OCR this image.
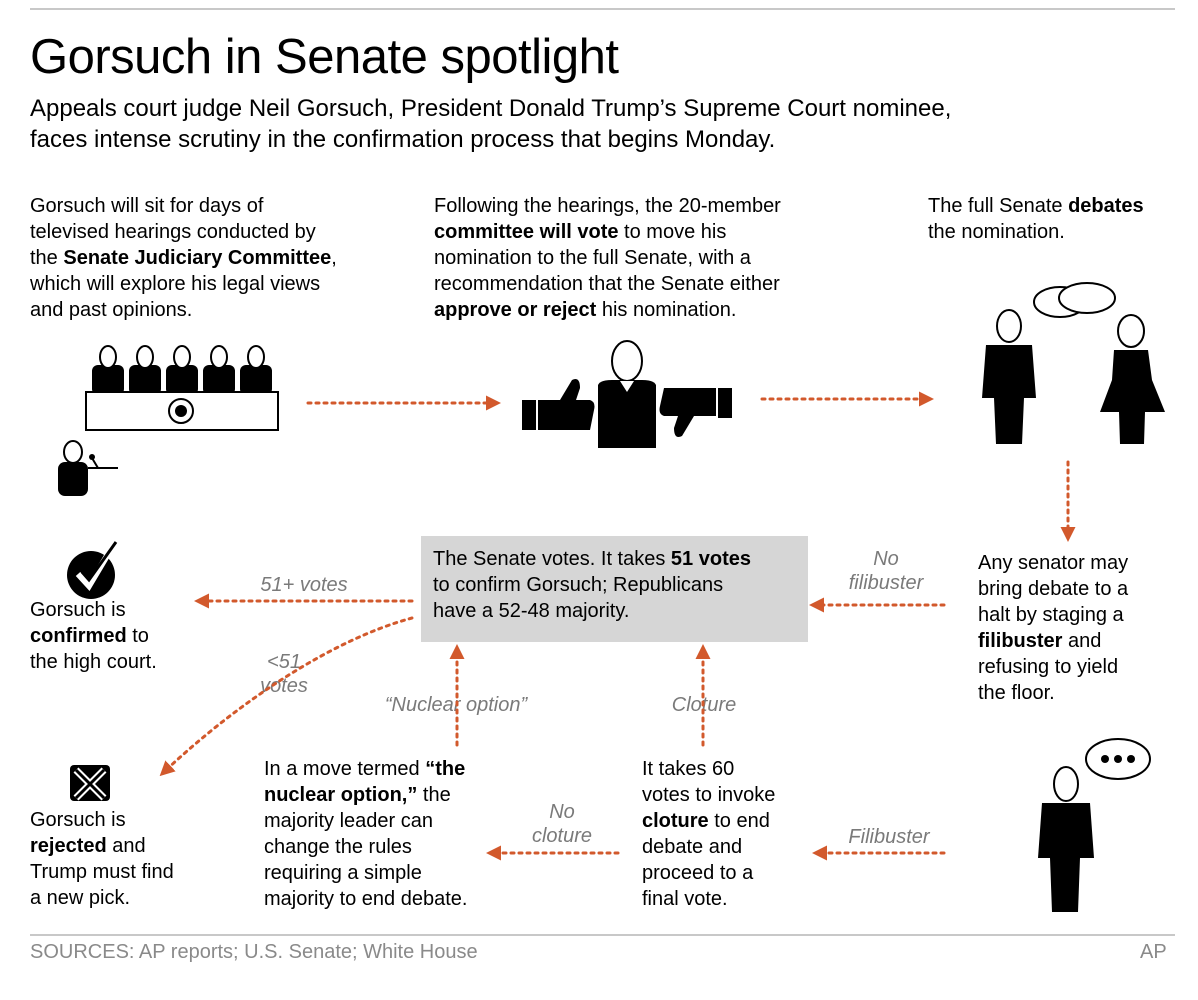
Gorsuch in Senate spotlight
Appeals court judge Neil Gorsuch, President Donald Trump’s Supreme Court nominee,
faces intense scrutiny in the confirmation process that begins Monday.
Gorsuch will sit for days of
televised hearings conducted by
the Senate Judiciary Committee,
which will explore his legal views
and past opinions.
Following the hearings, the 20-member
committee will vote to move his
nomination to the full Senate, with a
recommendation that the Senate either
approve or reject his nomination.
The full Senate debates
the nomination.
Any senator may
bring debate to a
halt by staging a
filibuster and
refusing to yield
the floor.
The Senate votes. It takes 51 votes
to confirm Gorsuch; Republicans
have a 52-48 majority.
Gorsuch is
confirmed to
the high court.
Gorsuch is
rejected and
Trump must find
a new pick.
In a move termed “the
nuclear option,” the
majority leader can
change the rules
requiring a simple
majority to end debate.
It takes 60
votes to invoke
cloture to end
debate and
proceed to a
final vote.
No
filibuster
51+ votes
<51
votes
“Nuclear option”	Cloture
No
cloture	Filibuster
SOURCES: AP reports; U.S. Senate; White House	AP
